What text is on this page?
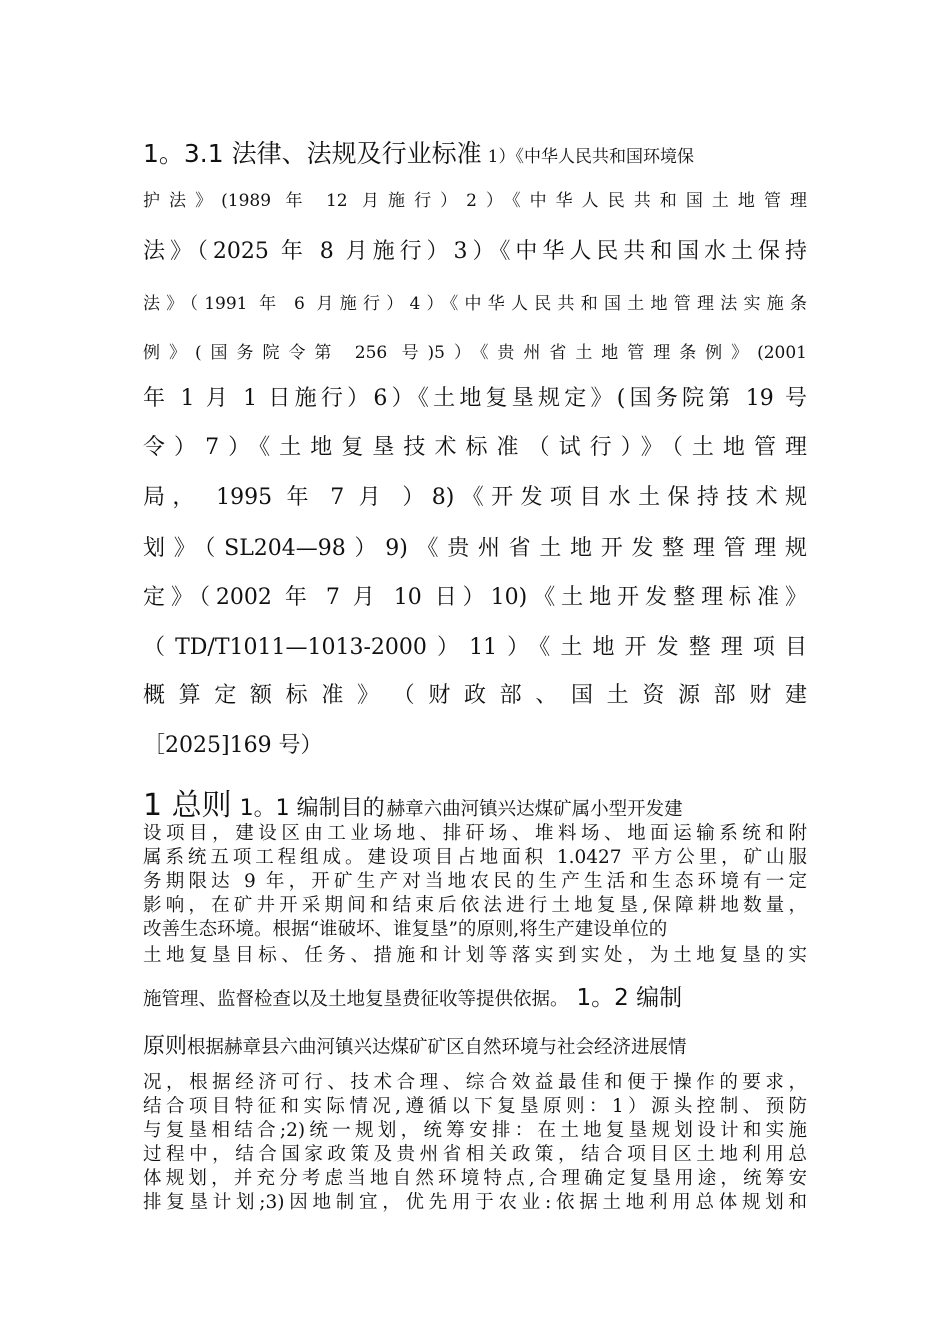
1。3.1 法律、法规及行业标准 1）《中华人民共和国环境保
护法》(1989 年 12 月施行）2）《中华人民共和国土地管理
法》（2025 年 8 月施行）3）《中华人民共和国水土保持
法》（1991 年 6 月施行）4）《中华人民共和国土地管理法实施条
例》(国务院令第 256 号)5）《贵州省土地管理条例》(2001
年 1 月 1 日施行）6）《土地复垦规定》(国务院第 19 号
令）7）《土地复垦技术标准（试行）》（土地管理
局， 1995 年 7 月 ）8)《开发项目水土保持技术规
划》（SL204—98）9)《贵州省土地开发整理管理规
定》（2002 年 7 月 10 日）10)《土地开发整理标准》
（TD/T1011—1013-2000）11）《土地开发整理项目
概 算 定 额 标 准 》 （ 财 政 部 、 国 土 资 源 部 财 建
［2025]169 号）
1 总则 1。1 编制目的 赫章六曲河镇兴达煤矿属小型开发建
设项目，建设区由工业场地、排矸场、堆料场、地面运输系统和附
属系统五项工程组成。建设项目占地面积 1.0427 平方公里，矿山服
务期限达 9 年，开矿生产对当地农民的生产生活和生态环境有一定
影响，在矿井开采期间和结束后依法进行土地复垦,保障耕地数量，
改善生态环境。根据“谁破坏、谁复垦”的原则,将生产建设单位的
土地复垦目标、任务、措施和计划等落实到实处，为土地复垦的实
施管理、监督检查以及土地复垦费征收等提供依据。 1。2 编制
原则根据赫章县六曲河镇兴达煤矿矿区自然环境与社会经济进展情
况，根据经济可行、技术合理、综合效益最佳和便于操作的要求，
结合项目特征和实际情况,遵循以下复垦原则：1）源头控制、预防
与复垦相结合;2)统一规划，统筹安排：在土地复垦规划设计和实施
过程中，结合国家政策及贵州省相关政策，结合项目区土地利用总
体规划，并充分考虑当地自然环境特点,合理确定复垦用途，统筹安
排复垦计划;3)因地制宜，优先用于农业:依据土地利用总体规划和
